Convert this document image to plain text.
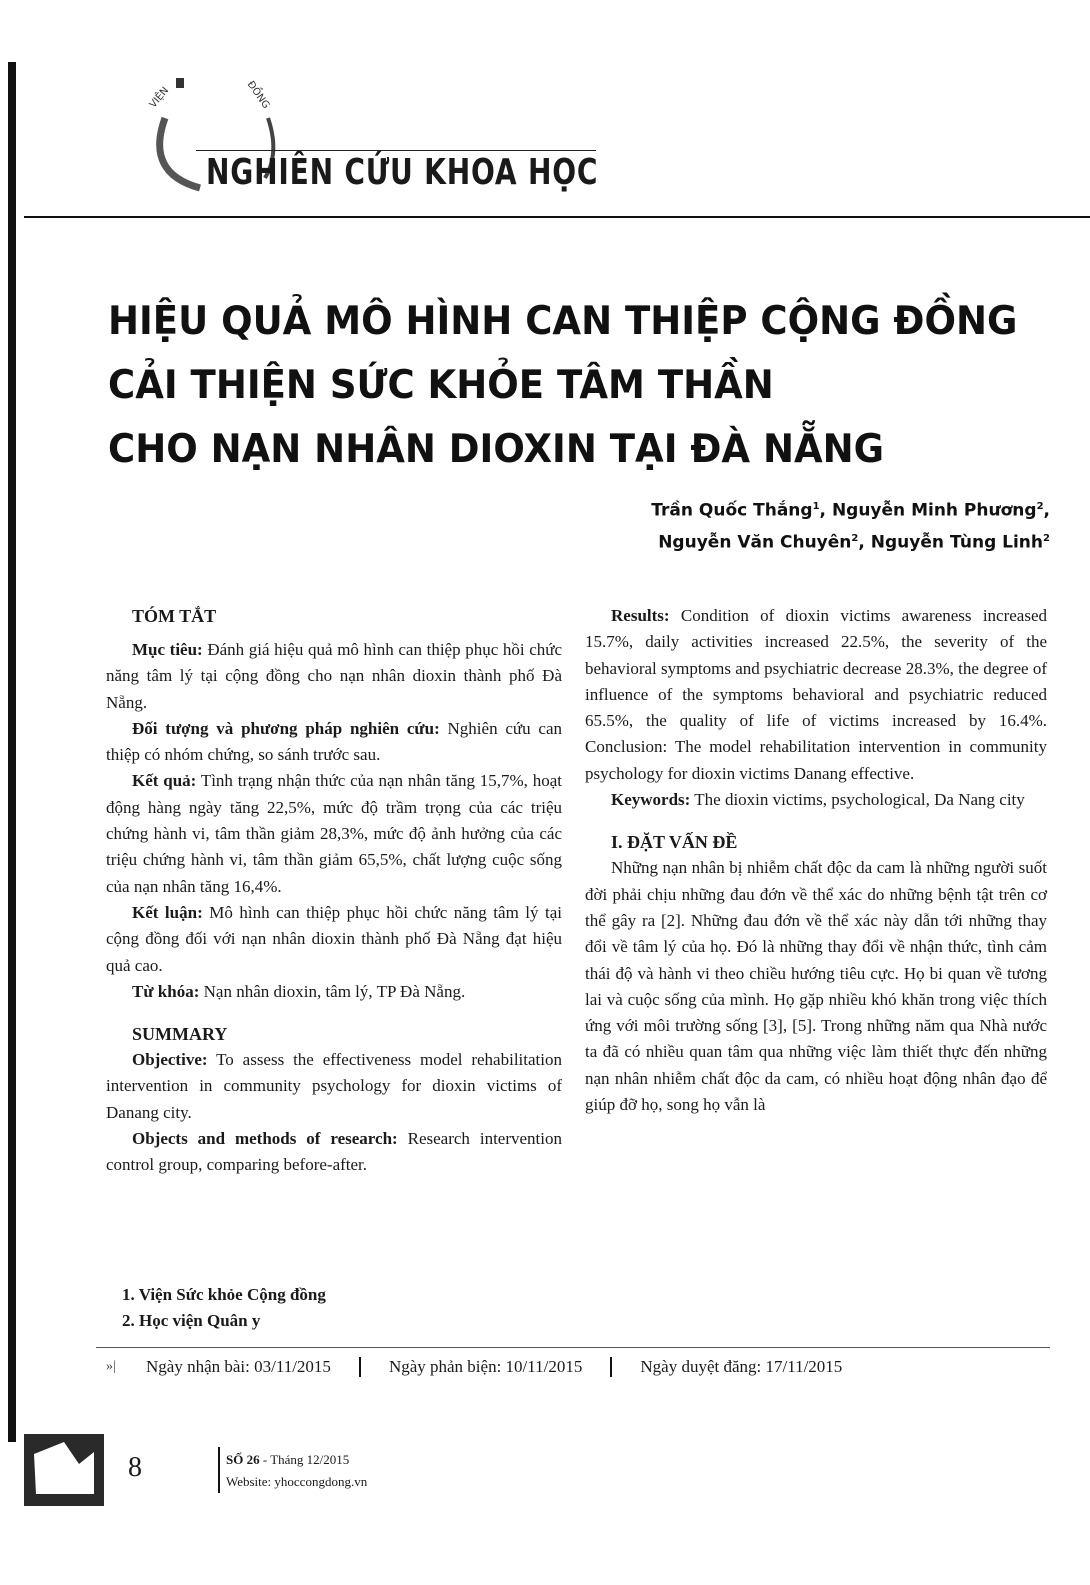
VIỆN	ĐỒNG
NGHIÊN CỨU KHOA HỌC
HIỆU QUẢ MÔ HÌNH CAN THIỆP CỘNG ĐỒNG
CẢI THIỆN SỨC KHỎE TÂM THẦN
CHO NẠN NHÂN DIOXIN TẠI ĐÀ NẴNG
Trần Quốc Thắng$^1$, Nguyễn Minh Phương$^2$,
Nguyễn Văn Chuyên$^2$, Nguyễn Tùng Linh$^2$
TÓM TẮT

Mục tiêu: Đánh giá hiệu quả mô hình can thiệp phục hồi chức năng tâm lý tại cộng đồng cho nạn nhân dioxin thành phố Đà Nẵng.

Đối tượng và phương pháp nghiên cứu: Nghiên cứu can thiệp có nhóm chứng, so sánh trước sau.

Kết quả: Tình trạng nhận thức của nạn nhân tăng 15,7%, hoạt động hàng ngày tăng 22,5%, mức độ trầm trọng của các triệu chứng hành vi, tâm thần giảm 28,3%, mức độ ảnh hưởng của các triệu chứng hành vi, tâm thần giảm 65,5%, chất lượng cuộc sống của nạn nhân tăng 16,4%.

Kết luận: Mô hình can thiệp phục hồi chức năng tâm lý tại cộng đồng đối với nạn nhân dioxin thành phố Đà Nẵng đạt hiệu quả cao.

Từ khóa: Nạn nhân dioxin, tâm lý, TP Đà Nẵng.

SUMMARY

Objective: To assess the effectiveness model rehabilitation intervention in community psychology for dioxin victims of Danang city.

Objects and methods of research: Research intervention control group, comparing before-after.

Results: Condition of dioxin victims awareness increased 15.7%, daily activities increased 22.5%, the severity of the behavioral symptoms and psychiatric decrease 28.3%, the degree of influence of the symptoms behavioral and psychiatric reduced 65.5%, the quality of life of victims increased by 16.4%. Conclusion: The model rehabilitation intervention in community psychology for dioxin victims Danang effective.

Keywords: The dioxin victims, psychological, Da Nang city

I. ĐẶT VẤN ĐỀ

Những nạn nhân bị nhiễm chất độc da cam là những người suốt đời phải chịu những đau đớn về thể xác do những bệnh tật trên cơ thể gây ra [2]. Những đau đớn về thể xác này dẫn tới những thay đổi về tâm lý của họ. Đó là những thay đổi về nhận thức, tình cảm thái độ và hành vi theo chiều hướng tiêu cực. Họ bi quan về tương lai và cuộc sống của mình. Họ gặp nhiều khó khăn trong việc thích ứng với môi trường sống [3], [5]. Trong những năm qua Nhà nước ta đã có nhiều quan tâm qua những việc làm thiết thực đến những nạn nhân nhiễm chất độc da cam, có nhiều hoạt động nhân đạo để giúp đỡ họ, song họ vẫn là

1. Viện Sức khỏe Cộng đồng
2. Học viện Quân y
»|	Ngày nhận bài: 03/11/2015	Ngày phản biện: 10/11/2015	Ngày duyệt đăng: 17/11/2015
8	SỐ 26 - Tháng 12/2015
Website: yhoccongdong.vn
